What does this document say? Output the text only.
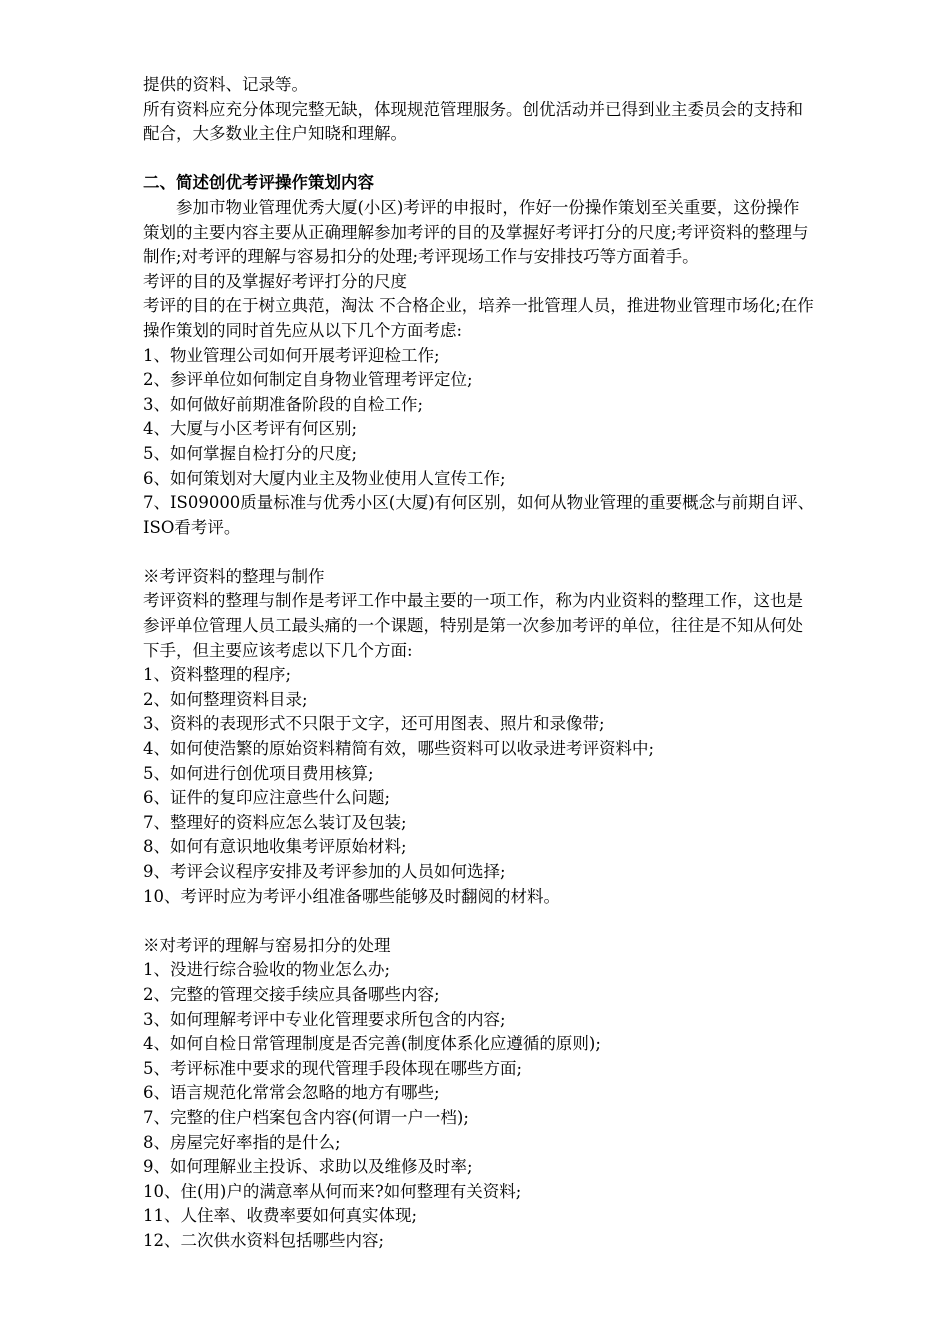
提供的资料、记录等。

所有资料应充分体现完整无缺，体现规范管理服务。创优活动并已得到业主委员会的支持和配合，大多数业主住户知晓和理解。

二、简述创优考评操作策划内容

参加市物业管理优秀大厦(小区)考评的申报时，作好一份操作策划至关重要，这份操作策划的主要内容主要从正确理解参加考评的目的及掌握好考评打分的尺度;考评资料的整理与制作;对考评的理解与容易扣分的处理;考评现场工作与安排技巧等方面着手。

考评的目的及掌握好考评打分的尺度

考评的目的在于树立典范，淘汰 不合格企业，培养一批管理人员，推进物业管理市场化;在作操作策划的同时首先应从以下几个方面考虑:

1、物业管理公司如何开展考评迎检工作;

2、参评单位如何制定自身物业管理考评定位;

3、如何做好前期准备阶段的自检工作;

4、大厦与小区考评有何区别;

5、如何掌握自检打分的尺度;

6、如何策划对大厦内业主及物业使用人宣传工作;

7、IS09000质量标准与优秀小区(大厦)有何区别，如何从物业管理的重要概念与前期自评、ISO看考评。

※考评资料的整理与制作

考评资料的整理与制作是考评工作中最主要的一项工作，称为内业资料的整理工作，这也是参评单位管理人员工最头痛的一个课题，特别是第一次参加考评的单位，往往是不知从何处下手，但主要应该考虑以下几个方面:

1、资料整理的程序;

2、如何整理资料目录;

3、资料的表现形式不只限于文字，还可用图表、照片和录像带;

4、如何使浩繁的原始资料精简有效，哪些资料可以收录进考评资料中;

5、如何进行创优项目费用核算;

6、证件的复印应注意些什么问题;

7、整理好的资料应怎么装订及包装;

8、如何有意识地收集考评原始材料;

9、考评会议程序安排及考评参加的人员如何选择;

10、考评时应为考评小组准备哪些能够及时翻阅的材料。

※对考评的理解与窑易扣分的处理

1、没进行综合验收的物业怎么办;

2、完整的管理交接手续应具备哪些内容;

3、如何理解考评中专业化管理要求所包含的内容;

4、如何自检日常管理制度是否完善(制度体系化应遵循的原则);

5、考评标准中要求的现代管理手段体现在哪些方面;

6、语言规范化常常会忽略的地方有哪些;

7、完整的住户档案包含内容(何谓一户一档);

8、房屋完好率指的是什么;

9、如何理解业主投诉、求助以及维修及时率;

10、住(用)户的满意率从何而来?如何整理有关资料;

11、人住率、收费率要如何真实体现;

12、二次供水资料包括哪些内容;
